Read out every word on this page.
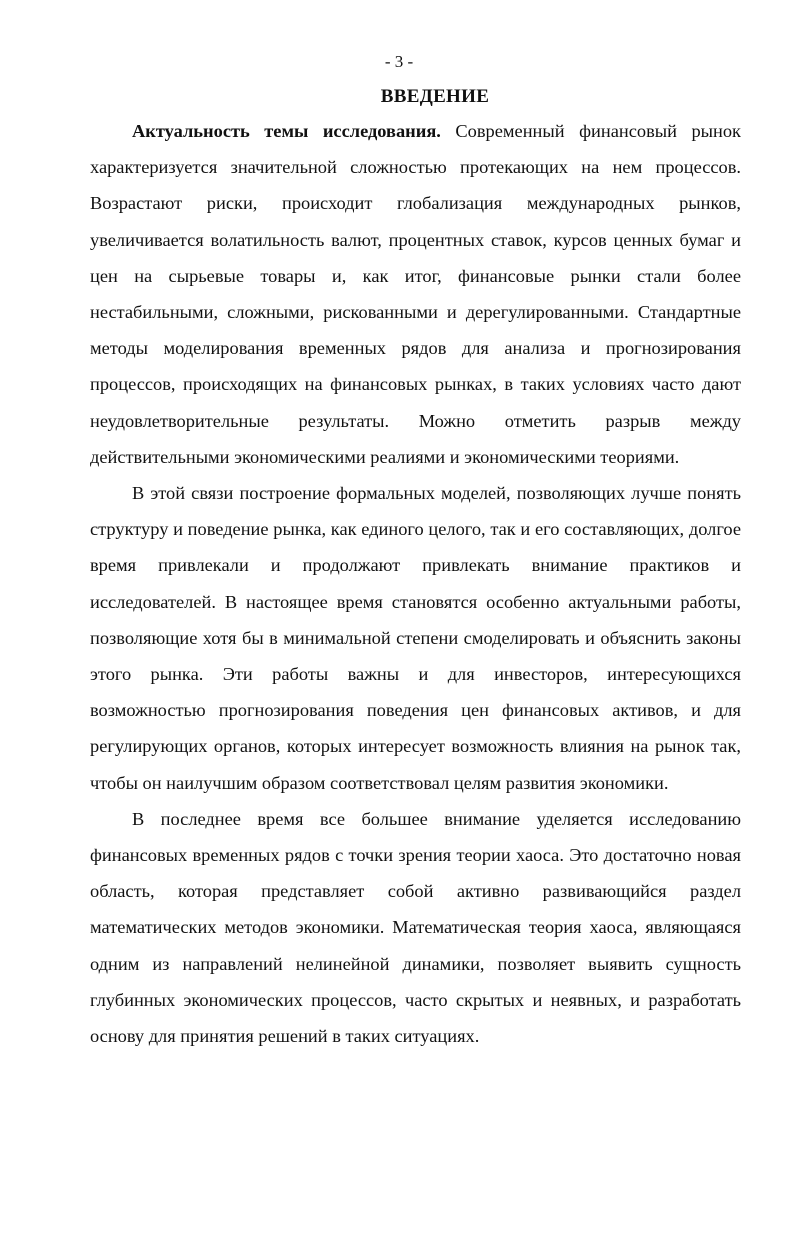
- 3 -
ВВЕДЕНИЕ

Актуальность темы исследования. Современный финансовый рынок характеризуется значительной сложностью протекающих на нем процессов. Возрастают риски, происходит глобализация международных рынков, увеличивается волатильность валют, процентных ставок, курсов ценных бумаг и цен на сырьевые товары и, как итог, финансовые рынки стали более нестабильными, сложными, рискованными и дерегулированными. Стандартные методы моделирования временных рядов для анализа и прогнозирования процессов, происходящих на финансовых рынках, в таких условиях часто дают неудовлетворительные результаты. Можно отметить разрыв между действительными экономическими реалиями и экономическими теориями.

В этой связи построение формальных моделей, позволяющих лучше понять структуру и поведение рынка, как единого целого, так и его составляющих, долгое время привлекали и продолжают привлекать внимание практиков и исследователей. В настоящее время становятся особенно актуальными работы, позволяющие хотя бы в минимальной степени смоделировать и объяснить законы этого рынка. Эти работы важны и для инвесторов, интересующихся возможностью прогнозирования поведения цен финансовых активов, и для регулирующих органов, которых интересует возможность влияния на рынок так, чтобы он наилучшим образом соответствовал целям развития экономики.

В последнее время все большее внимание уделяется исследованию финансовых временных рядов с точки зрения теории хаоса. Это достаточно новая область, которая представляет собой активно развивающийся раздел математических методов экономики. Математическая теория хаоса, являющаяся одним из направлений нелинейной динамики, позволяет выявить сущность глубинных экономических процессов, часто скрытых и неявных, и разработать основу для принятия решений в таких ситуациях.
